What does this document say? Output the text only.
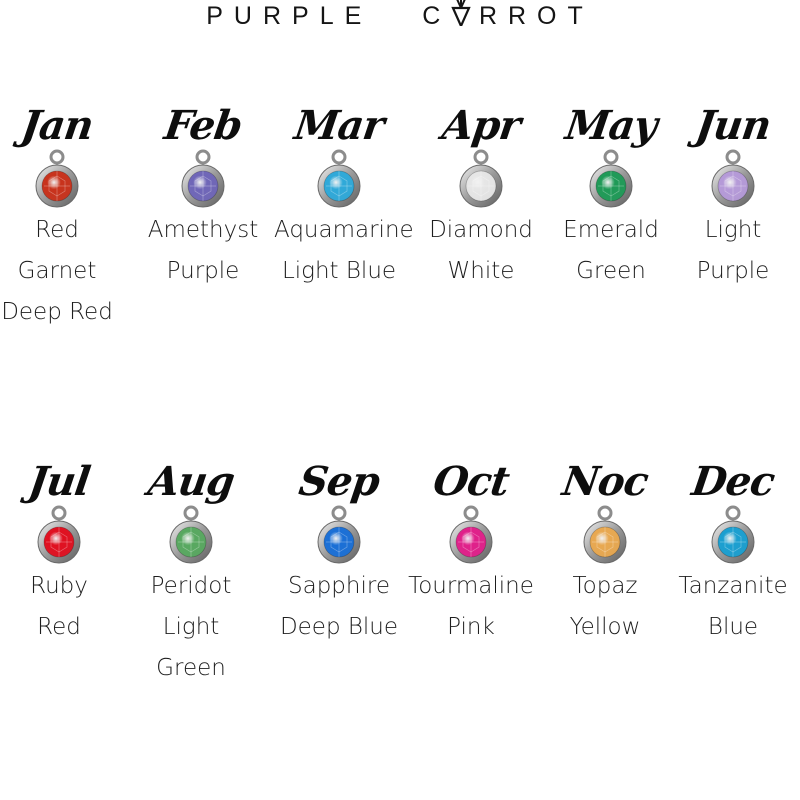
PURPLE C RROT
Jan
Red
Garnet
Deep Red
Feb
Amethyst
Purple
Mar
Aquamarine
Light Blue
Apr
Diamond
White
May
Emerald
Green
Jun
Light
Purple
Jul
Ruby
Red
Aug
Peridot
Light
Green
Sep
Sapphire
Deep Blue
Oct
Tourmaline
Pink
Noc
Topaz
Yellow
Dec
Tanzanite
Blue
